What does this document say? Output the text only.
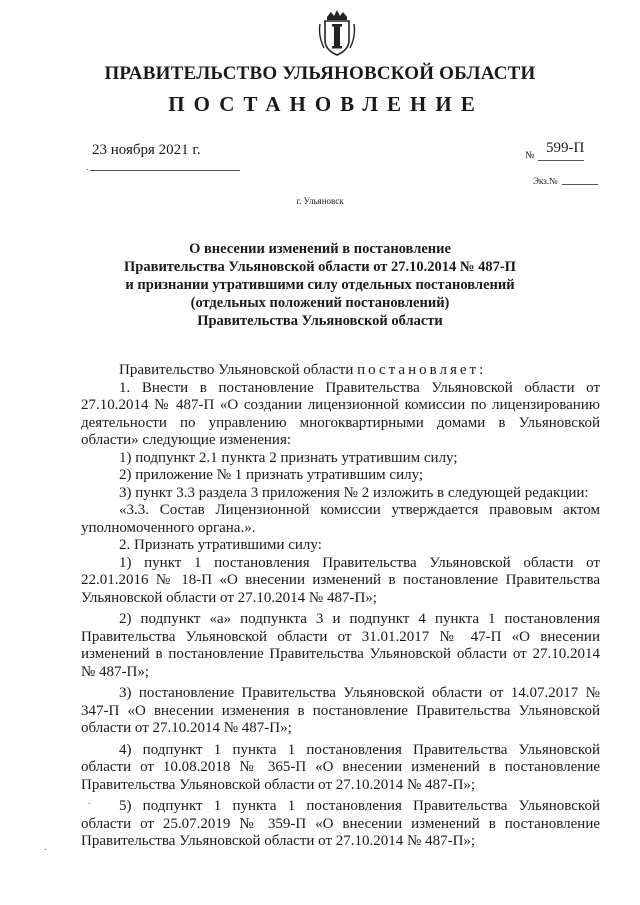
ПРАВИТЕЛЬСТВО УЛЬЯНОВСКОЙ ОБЛАСТИ
ПОСТАНОВЛЕНИЕ
23 ноября 2021 г.	№ 599-П
Экз.№
г. Ульяновск
О внесении изменений в постановление
Правительства Ульяновской области от 27.10.2014 № 487-П
и признании утратившими силу отдельных постановлений
(отдельных положений постановлений)
Правительства Ульяновской области

Правительство Ульяновской области постановляет:

1. Внести в постановление Правительства Ульяновской области от 27.10.2014 № 487-П «О создании лицензионной комиссии по лицензированию деятельности по управлению многоквартирными домами в Ульяновской области» следующие изменения:

1) подпункт 2.1 пункта 2 признать утратившим силу;

2) приложение № 1 признать утратившим силу;

3) пункт 3.3 раздела 3 приложения № 2 изложить в следующей редакции:

«3.3. Состав Лицензионной комиссии утверждается правовым актом уполномоченного органа.».

2. Признать утратившими силу:

1) пункт 1 постановления Правительства Ульяновской области от 22.01.2016 № 18-П «О внесении изменений в постановление Правительства Ульяновской области от 27.10.2014 № 487-П»;

2) подпункт «а» подпункта 3 и подпункт 4 пункта 1 постановления Правительства Ульяновской области от 31.01.2017 № 47-П «О внесении изменений в постановление Правительства Ульяновской области от 27.10.2014 № 487-П»;

3) постановление Правительства Ульяновской области от 14.07.2017 № 347-П «О внесении изменения в постановление Правительства Ульяновской области от 27.10.2014 № 487-П»;

4) подпункт 1 пункта 1 постановления Правительства Ульяновской области от 10.08.2018 № 365-П «О внесении изменений в постановление Правительства Ульяновской области от 27.10.2014 № 487-П»;

5) подпункт 1 пункта 1 постановления Правительства Ульяновской области от 25.07.2019 № 359-П «О внесении изменений в постановление Правительства Ульяновской области от 27.10.2014 № 487-П»;

.
.
.
